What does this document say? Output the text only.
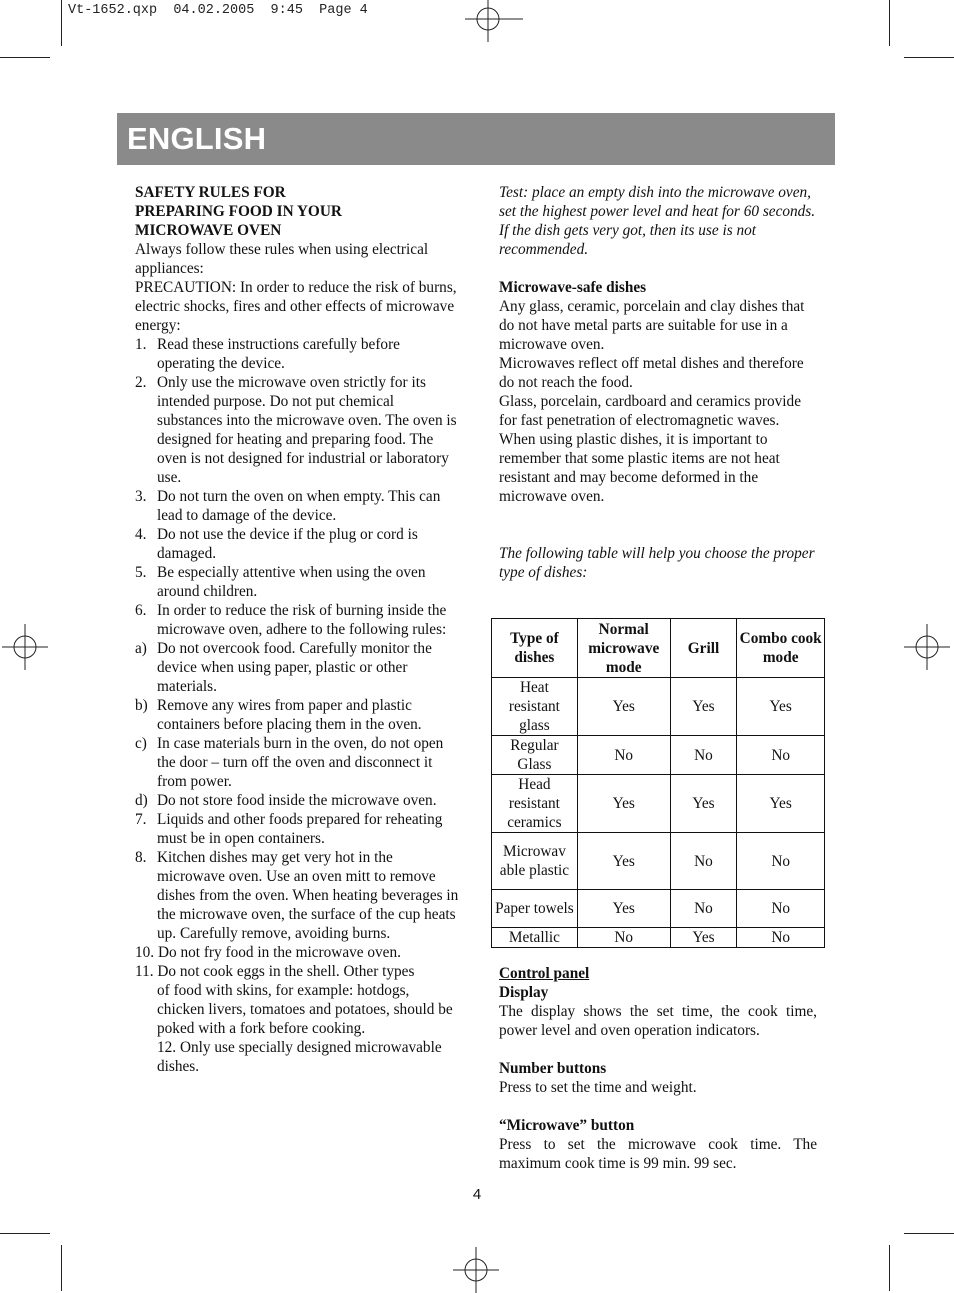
Vt-1652.qxp  04.02.2005  9:45  Page 4
ENGLISH
SAFETY RULES FOR
PREPARING FOOD IN YOUR
MICROWAVE OVEN
Always follow these rules when using electrical appliances:
PRECAUTION: In order to reduce the risk of burns, electric shocks, fires and other effects of microwave energy:
1. Read these instructions carefully before operating the device.
2. Only use the microwave oven strictly for its intended purpose. Do not put chemical substances into the microwave oven. The oven is designed for heating and preparing food. The oven is not designed for industrial or laboratory use.
3. Do not turn the oven on when empty. This can lead to damage of the device.
4. Do not use the device if the plug or cord is damaged.
5. Be especially attentive when using the oven around children.
6. In order to reduce the risk of burning inside the microwave oven, adhere to the following rules:
a) Do not overcook food. Carefully monitor the device when using paper, plastic or other materials.
b) Remove any wires from paper and plastic containers before placing them in the oven.
c) In case materials burn in the oven, do not open the door – turn off the oven and disconnect it from power.
d) Do not store food inside the microwave oven.
7. Liquids and other foods prepared for reheating must be in open containers.
8. Kitchen dishes may get very hot in the microwave oven. Use an oven mitt to remove dishes from the oven. When heating beverages in the microwave oven, the surface of the cup heats up. Carefully remove, avoiding burns.
10. Do not fry food in the microwave oven.
11. Do not cook eggs in the shell. Other types
of food with skins, for example: hotdogs, chicken livers, tomatoes and potatoes, should be poked with a fork before cooking.
12. Only use specially designed microwavable dishes.
Test: place an empty dish into the microwave oven, set the highest power level and heat for 60 seconds. If the dish gets very got, then its use is not recommended.
Microwave-safe dishes
Any glass, ceramic, porcelain and clay dishes that do not have metal parts are suitable for use in a microwave oven.
Microwaves reflect off metal dishes and therefore do not reach the food.
Glass, porcelain, cardboard and ceramics provide for fast penetration of electromagnetic waves.
When using plastic dishes, it is important to remember that some plastic items are not heat resistant and may become deformed in the microwave oven.
The following table will help you choose the proper type of dishes:
Type of dishes	Normal microwave mode	Grill	Combo cook mode
Heat resistant glass	Yes	Yes	Yes
Regular Glass	No	No	No
Head resistant ceramics	Yes	Yes	Yes
Microwav able plastic	Yes	No	No
Paper towels	Yes	No	No
Metallic	No	Yes	No
Control panel
Display
The display shows the set time, the cook time, power level and oven operation indicators.
Number buttons
Press to set the time and weight.
“Microwave” button
Press to set the microwave cook time. The maximum cook time is 99 min. 99 sec.
4
